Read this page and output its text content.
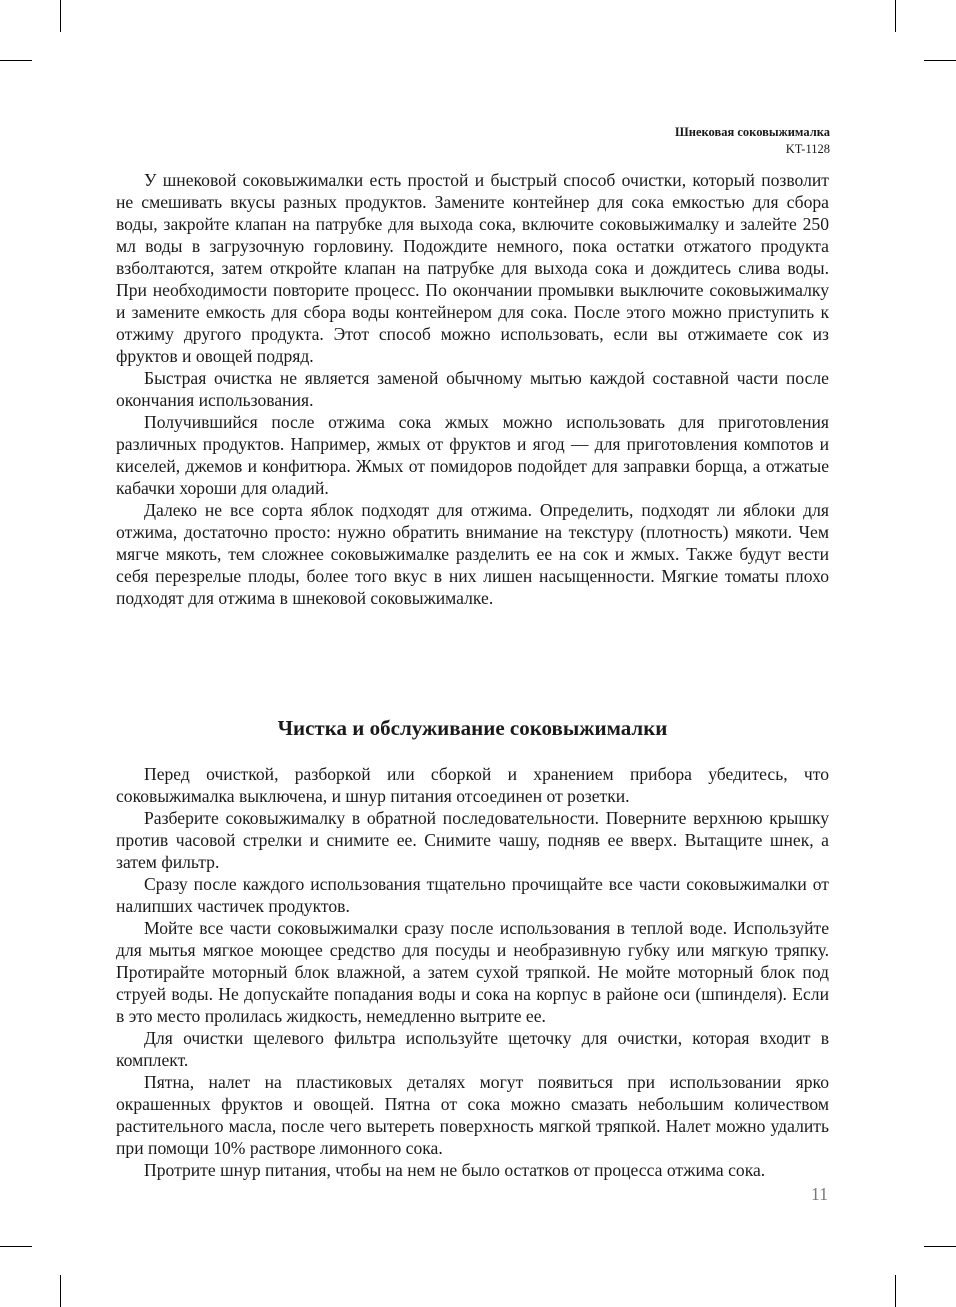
Шнековая соковыжималка
KT-1128

У шнековой соковыжималки есть простой и быстрый способ очистки, который позволит не смешивать вкусы разных продуктов. Замените контейнер для сока емкостью для сбора воды, закройте клапан на патрубке для выхода сока, включите соковыжималку и залейте 250 мл воды в загрузочную горловину. Подождите немного, пока остатки отжатого продукта взболтаются, затем откройте клапан на патрубке для выхода сока и дождитесь слива воды. При необходимости повторите процесс. По окончании промывки выключите соковыжималку и замените емкость для сбора воды контейнером для сока. После этого можно приступить к отжиму другого продукта. Этот способ можно использовать, если вы отжимаете сок из фруктов и овощей подряд.

Быстрая очистка не является заменой обычному мытью каждой составной части после окончания использования.

Получившийся после отжима сока жмых можно использовать для приготовления различных продуктов. Например, жмых от фруктов и ягод — для приготовления компотов и киселей, джемов и конфитюра. Жмых от помидоров подойдет для заправки борща, а отжатые кабачки хороши для оладий.

Далеко не все сорта яблок подходят для отжима. Определить, подходят ли яблоки для отжима, достаточно просто: нужно обратить внимание на текстуру (плотность) мякоти. Чем мягче мякоть, тем сложнее соковыжималке разделить ее на сок и жмых. Также будут вести себя перезрелые плоды, более того вкус в них лишен насыщенности. Мягкие томаты плохо подходят для отжима в шнековой соковыжималке.

Чистка и обслуживание соковыжималки

Перед очисткой, разборкой или сборкой и хранением прибора убедитесь, что соковыжималка выключена, и шнур питания отсоединен от розетки.

Разберите соковыжималку в обратной последовательности. Поверните верхнюю крышку против часовой стрелки и снимите ее. Снимите чашу, подняв ее вверх. Вытащите шнек, а затем фильтр.

Сразу после каждого использования тщательно прочищайте все части соковыжималки от налипших частичек продуктов.

Мойте все части соковыжималки сразу после использования в теплой воде. Используйте для мытья мягкое моющее средство для посуды и необразивную губку или мягкую тряпку. Протирайте моторный блок влажной, а затем сухой тряпкой. Не мойте моторный блок под струей воды. Не допускайте попадания воды и сока на корпус в районе оси (шпинделя). Если в это место пролилась жидкость, немедленно вытрите ее.

Для очистки щелевого фильтра используйте щеточку для очистки, которая входит в комплект.

Пятна, налет на пластиковых деталях могут появиться при использовании ярко окрашенных фруктов и овощей. Пятна от сока можно смазать небольшим количеством растительного масла, после чего вытереть поверхность мягкой тряпкой. Налет можно удалить при помощи 10% растворе лимонного сока.

Протрите шнур питания, чтобы на нем не было остатков от процесса отжима сока.

11
